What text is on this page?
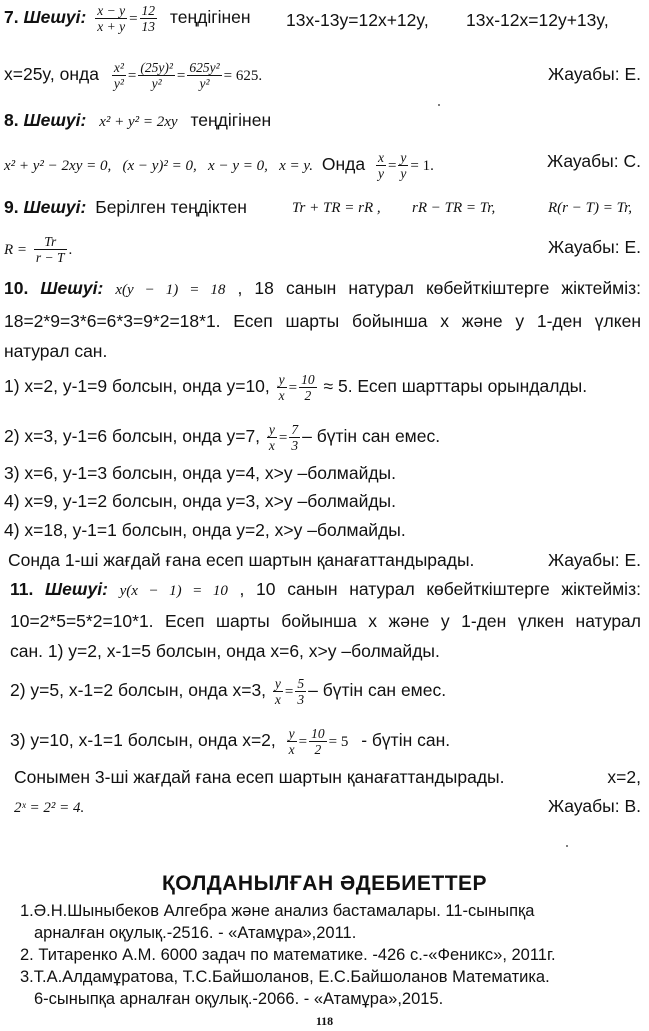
7. Шешуі: $\frac{x - y}{x + y} = \frac{12}{13}$ теңдігінен 13x-13y=12x+12y, 13x-12x=12y+13y,
x=25y, онда $\frac{\text{x²}}{\text{y²}} = \frac{\text{(25y)²}}{\text{y²}} = \frac{\text{625y²}}{\text{y²}} = 625$.	Жауабы: Е.
8. Шешуі: x² + y² = 2xy теңдігінен
x² + y² − 2xy = 0,   (x − y)² = 0,   x − y = 0,   x = y. Онда $\frac{x}{y} = \frac{y}{y} = 1$.	Жауабы: С.
9. Шешуі: Берілген теңдіктен	Tr + TR = rR , rR − TR = Tr,	R(r − T) = Tr,
$R = \frac{Tr}{r - T}$ .	Жауабы: Е.
10. Шешуі: x(y − 1) = 18 , 18 санын натурал көбейткіштерге жіктейміз:
18=2*9=3*6=6*3=9*2=18*1. Есеп шарты бойынша x және y 1-ден үлкен
натурал сан.
1) x=2, y-1=9 болсын, онда y=10, $\frac{y}{x} = \frac{10}{2} \approx 5$. Есеп шарттары орындалды.
2) x=3, y-1=6 болсын, онда y=7, $\frac{y}{x} = \frac{7}{3}$ – бүтін сан емес.
3) x=6, y-1=3 болсын, онда y=4, x>y –болмайды.
4) x=9, y-1=2 болсын, онда y=3, x>y –болмайды.
4) x=18, y-1=1 болсын, онда y=2, x>y –болмайды.
Сонда 1-ші жағдай ғана есеп шартын қанағаттандырады.	Жауабы: Е.
11. Шешуі: y(x − 1) = 10 , 10 санын натурал көбейткіштерге жіктейміз:
10=2*5=5*2=10*1. Есеп шарты бойынша x және y 1-ден үлкен натурал
сан. 1) y=2, x-1=5 болсын, онда x=6, x>y –болмайды.
2) y=5, x-1=2 болсын, онда x=3, $\frac{y}{x} = \frac{5}{3}$ – бүтін сан емес.
3) y=10, x-1=1 болсын, онда x=2, $\frac{y}{x} = \frac{10}{2} = 5$ - бүтін сан.
Сонымен 3-ші жағдай ғана есеп шартын қанағаттандырады.	x=2,
2ˣ = 2² = 4.	Жауабы: В.
ҚОЛДАНЫЛҒАН ӘДЕБИЕТТЕР
1.Ә.Н.Шыныбеков Алгебра және анализ бастамалары. 11-сыныпқа
арналған оқулық.-2516. - «Атамұра»,2011.
2. Титаренко А.М. 6000 задач по математике. -426 с.-«Феникс», 2011г.
3.Т.А.Алдамұратова, Т.С.Байшоланов, Е.С.Байшоланов Математика.
6-сыныпқа арналған оқулық.-2066. - «Атамұра»,2015.
118
